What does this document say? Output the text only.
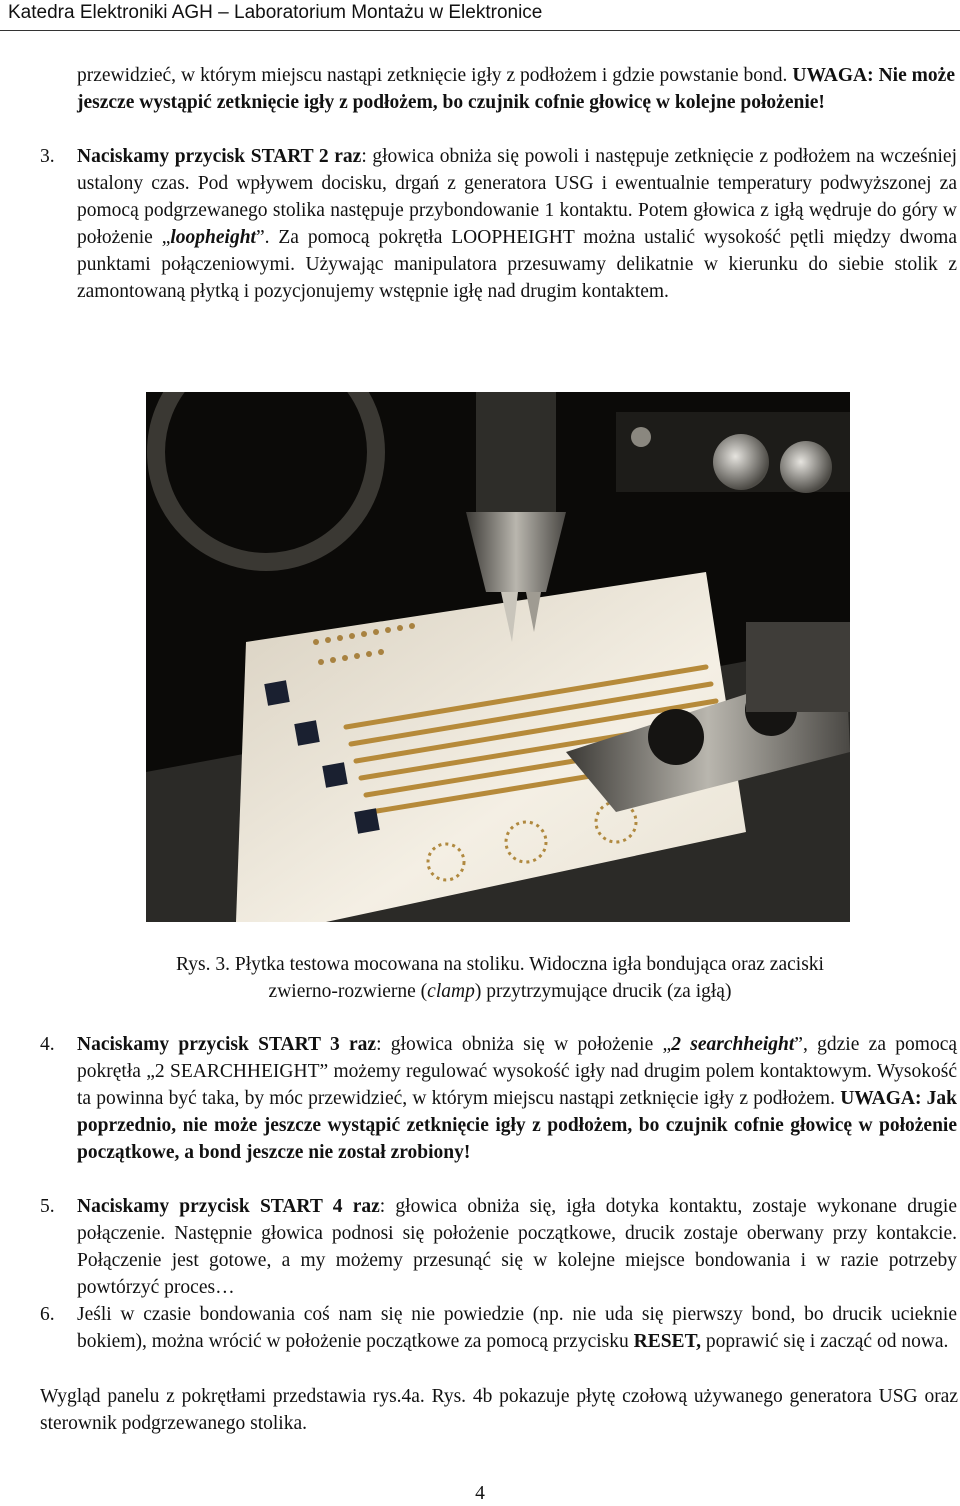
Katedra Elektroniki AGH – Laboratorium Montażu w Elektronice
przewidzieć, w którym miejscu nastąpi zetknięcie igły z podłożem i gdzie powstanie bond. UWAGA: Nie może jeszcze wystąpić zetknięcie igły z podłożem, bo czujnik cofnie głowicę w kolejne położenie!
3. Naciskamy przycisk START 2 raz: głowica obniża się powoli i następuje zetknięcie z podłożem na wcześniej ustalony czas. Pod wpływem docisku, drgań z generatora USG i ewentualnie temperatury podwyższonej za pomocą podgrzewanego stolika następuje przybondowanie 1 kontaktu. Potem głowica z igłą wędruje do góry w położenie „loopheight”. Za pomocą pokrętła LOOPHEIGHT można ustalić wysokość pętli między dwoma punktami połączeniowymi. Używając manipulatora przesuwamy delikatnie w kierunku do siebie stolik z zamontowaną płytką i pozycjonujemy wstępnie igłę nad drugim kontaktem.
Rys. 3. Płytka testowa mocowana na stoliku. Widoczna igła bondująca oraz zaciski zwierno-rozwierne (clamp) przytrzymujące drucik (za igłą)
4. Naciskamy przycisk START 3 raz: głowica obniża się w położenie „2 searchheight”, gdzie za pomocą pokrętła „2 SEARCHHEIGHT” możemy regulować wysokość igły nad drugim polem kontaktowym. Wysokość ta powinna być taka, by móc przewidzieć, w którym miejscu nastąpi zetknięcie igły z podłożem. UWAGA: Jak poprzednio, nie może jeszcze wystąpić zetknięcie igły z podłożem, bo czujnik cofnie głowicę w położenie początkowe, a bond jeszcze nie został zrobiony!
5. Naciskamy przycisk START 4 raz: głowica obniża się, igła dotyka kontaktu, zostaje wykonane drugie połączenie. Następnie głowica podnosi się położenie początkowe, drucik zostaje oberwany przy kontakcie. Połączenie jest gotowe, a my możemy przesunąć się w kolejne miejsce bondowania i w razie potrzeby powtórzyć proces…
6. Jeśli w czasie bondowania coś nam się nie powiedzie (np. nie uda się pierwszy bond, bo drucik ucieknie bokiem), można wrócić w położenie początkowe za pomocą przycisku RESET, poprawić się i zacząć od nowa.
Wygląd panelu z pokrętłami przedstawia rys.4a. Rys. 4b pokazuje płytę czołową używanego generatora USG oraz sterownik podgrzewanego stolika.
4
